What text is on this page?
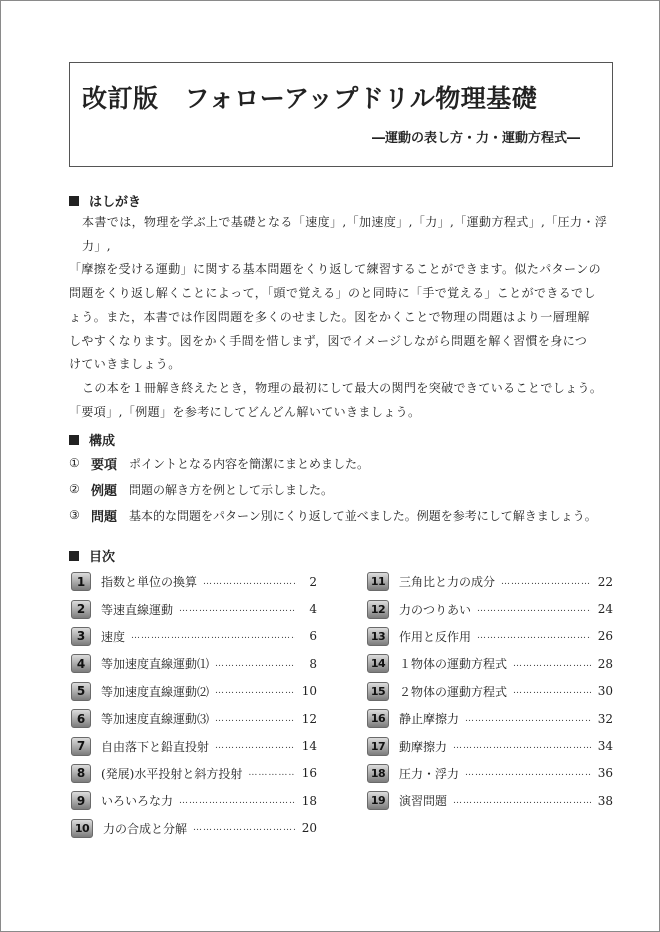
改訂版 フォローアップドリル物理基礎
―運動の表し方・力・運動方程式―
はしがき

本書では，物理を学ぶ上で基礎となる「速度」,「加速度」,「力」,「運動方程式」,「圧力・浮力」,

「摩擦を受ける運動」に関する基本問題をくり返して練習することができます。似たパターンの

問題をくり返し解くことによって，「頭で覚える」のと同時に「手で覚える」ことができるでし

ょう。また，本書では作図問題を多くのせました。図をかくことで物理の問題はより一層理解

しやすくなります。図をかく手間を惜しまず，図でイメージしながら問題を解く習慣を身につ

けていきましょう。

この本を１冊解き終えたとき，物理の最初にして最大の関門を突破できていることでしょう。

「要項」,「例題」を参考にしてどんどん解いていきましょう。

構成
① 要項 ポイントとなる内容を簡潔にまとめました。
② 例題 問題の解き方を例として示しました。
③ 問題 基本的な問題をパターン別にくり返して並べました。例題を参考にして解きましょう。
目次
1	指数と単位の換算 …………………………………………………………………………	2
2	等速直線運動 …………………………………………………………………………	4
3	速度 …………………………………………………………………………	6
4	等加速度直線運動⑴ …………………………………………………………………………	8
5	等加速度直線運動⑵ …………………………………………………………………………	10
6	等加速度直線運動⑶ …………………………………………………………………………	12
7	自由落下と鉛直投射 …………………………………………………………………………	14
8	(発展)水平投射と斜方投射 …………………………………………………………………………	16
9	いろいろな力 …………………………………………………………………………	18
10	力の合成と分解 …………………………………………………………………………	20
11	三角比と力の成分 …………………………………………………………………………	22
12	力のつりあい …………………………………………………………………………	24
13	作用と反作用 …………………………………………………………………………	26
14	１物体の運動方程式 …………………………………………………………………………	28
15	２物体の運動方程式 …………………………………………………………………………	30
16	静止摩擦力 …………………………………………………………………………	32
17	動摩擦力 …………………………………………………………………………	34
18	圧力・浮力 …………………………………………………………………………	36
19	演習問題 …………………………………………………………………………	38
